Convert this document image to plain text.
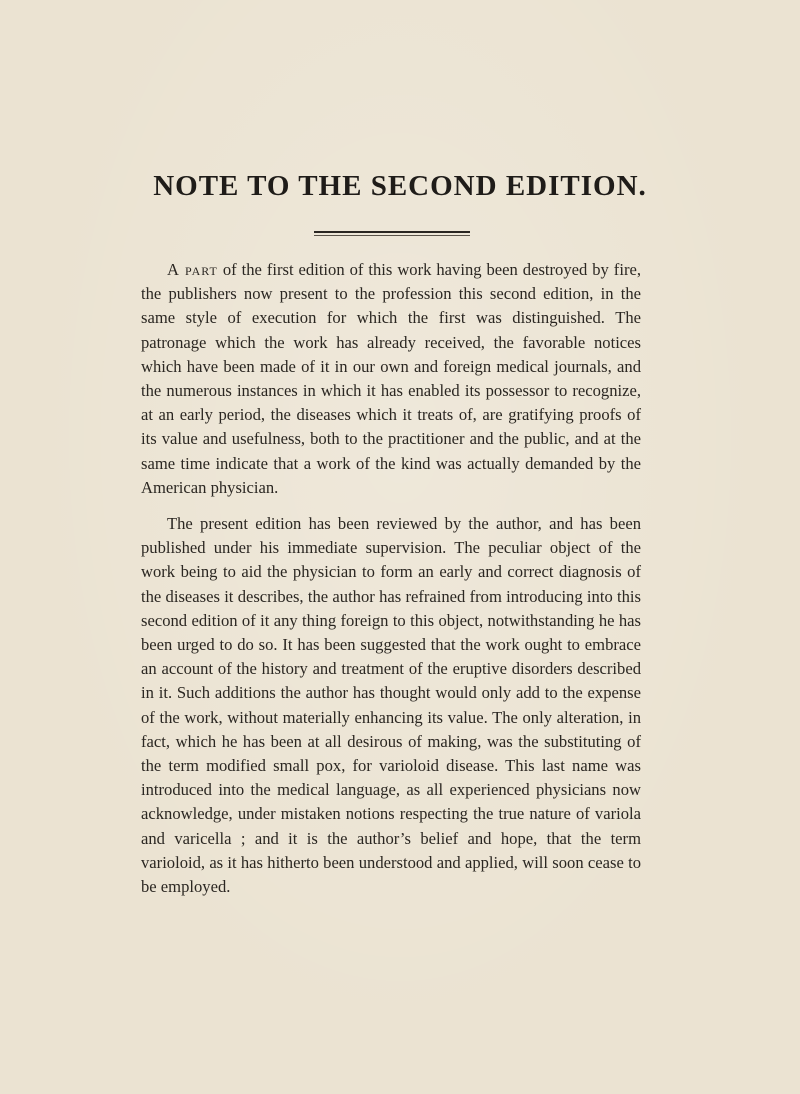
NOTE TO THE SECOND EDITION.

A part of the first edition of this work having been destroyed by fire, the publishers now present to the profession this second edition, in the same style of execution for which the first was distinguished. The patronage which the work has already received, the favorable notices which have been made of it in our own and foreign medical journals, and the numerous instances in which it has enabled its possessor to recognize, at an early period, the diseases which it treats of, are gratifying proofs of its value and usefulness, both to the practitioner and the public, and at the same time indicate that a work of the kind was actually demanded by the American physician.

The present edition has been reviewed by the author, and has been published under his immediate supervision. The peculiar object of the work being to aid the physician to form an early and correct diagnosis of the diseases it describes, the author has refrained from introducing into this second edition of it any thing foreign to this object, notwithstanding he has been urged to do so. It has been suggested that the work ought to embrace an account of the history and treatment of the eruptive disorders described in it. Such additions the author has thought would only add to the expense of the work, without materially enhancing its value. The only alteration, in fact, which he has been at all desirous of making, was the substituting of the term modified small pox, for varioloid disease. This last name was introduced into the medical language, as all experienced physicians now acknowledge, under mistaken notions respecting the true nature of variola and varicella ; and it is the author’s belief and hope, that the term varioloid, as it has hitherto been understood and applied, will soon cease to be employed.
